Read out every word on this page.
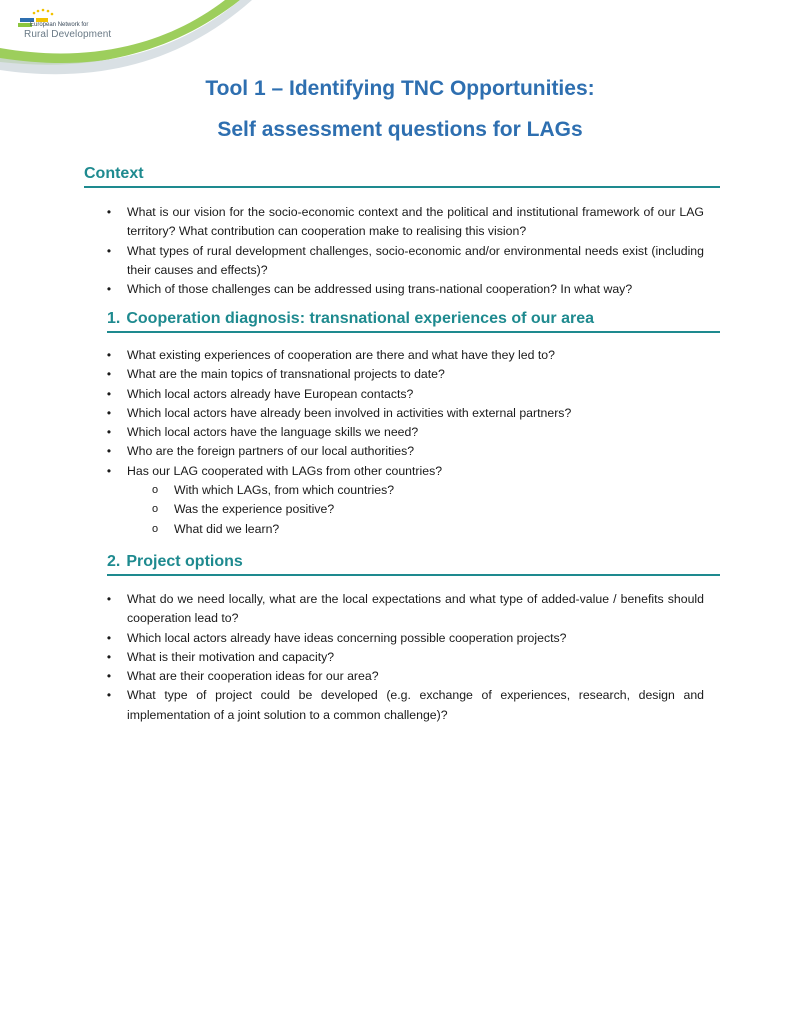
European Network for
Rural Development
Tool 1 – Identifying TNC Opportunities:
Self assessment questions for LAGs
Context
• What is our vision for the socio-economic context and the political and institutional framework of our LAG territory? What contribution can cooperation make to realising this vision?
• What types of rural development challenges, socio-economic and/or environmental needs exist (including their causes and effects)?
• Which of those challenges can be addressed using trans-national cooperation? In what way?
1. Cooperation diagnosis: transnational experiences of our area
• What existing experiences of cooperation are there and what have they led to?
• What are the main topics of transnational projects to date?
• Which local actors already have European contacts?
• Which local actors have already been involved in activities with external partners?
• Which local actors have the language skills we need?
• Who are the foreign partners of our local authorities?
• Has our LAG cooperated with LAGs from other countries?
o With which LAGs, from which countries?
o Was the experience positive?
o What did we learn?
2. Project options
• What do we need locally, what are the local expectations and what type of added-value / benefits should cooperation lead to?
• Which local actors already have ideas concerning possible cooperation projects?
• What is their motivation and capacity?
• What are their cooperation ideas for our area?
• What type of project could be developed (e.g. exchange of experiences, research, design and implementation of a joint solution to a common challenge)?
